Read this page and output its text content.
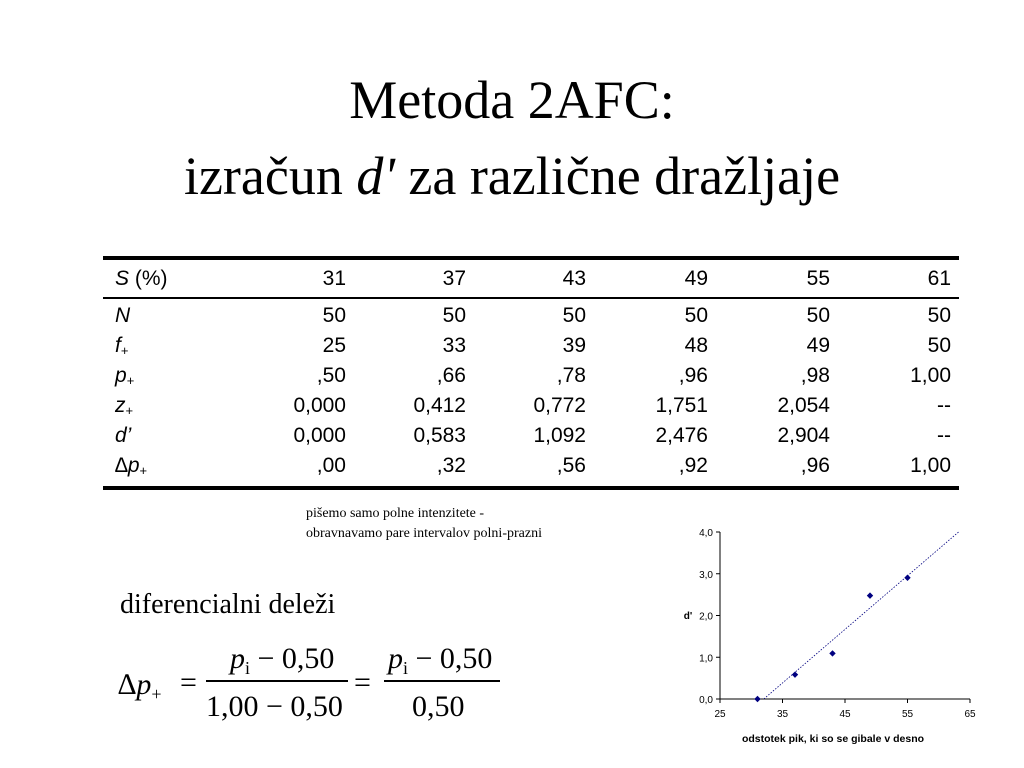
Metoda 2AFC:
izračun d' za različne dražljaje
S (%)	31	37	43	49	55	61
N	50	50	50	50	50	50
$f_+$	25	33	39	48	49	50
$p_+$	,50	,66	,78	,96	,98	1,00
$z_+$	0,000	0,412	0,772	1,751	2,054	--
d’	0,000	0,583	1,092	2,476	2,904	--
$\Delta p_+$	,00	,32	,56	,92	,96	1,00
pišemo samo polne intenzitete -
obravnavamo pare intervalov polni-prazni
diferencialni deleži
$\Delta p_+$ =
$p_i - 0,50$
1,00 − 0,50
=
$p_i - 0,50$
0,50	0,0
1,0
2,0
3,0
4,0
25	35	45	55	65
d'
odstotek pik, ki so se gibale v desno
